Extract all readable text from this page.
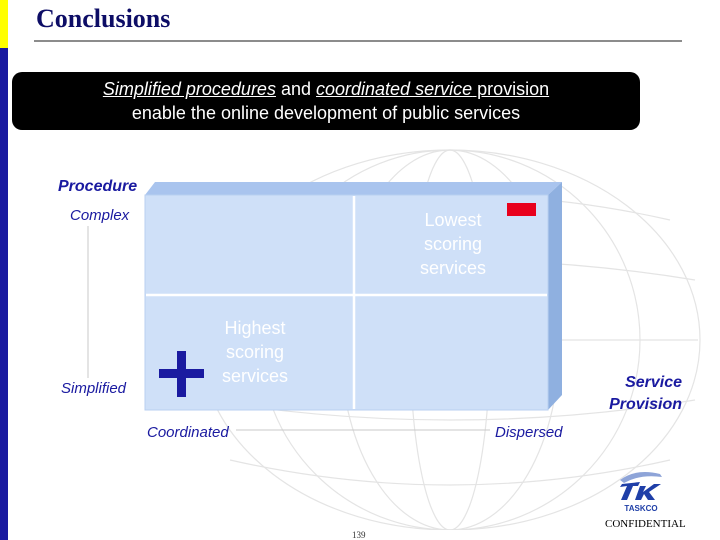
Conclusions
Simplified procedures and coordinated service provision
enable the online development of public services
Procedure
Complex
Simplified
Coordinated	Dispersed
Service
Provision
Lowest
scoring
services
Highest
scoring
services
TASKCO
CONFIDENTIAL
139
